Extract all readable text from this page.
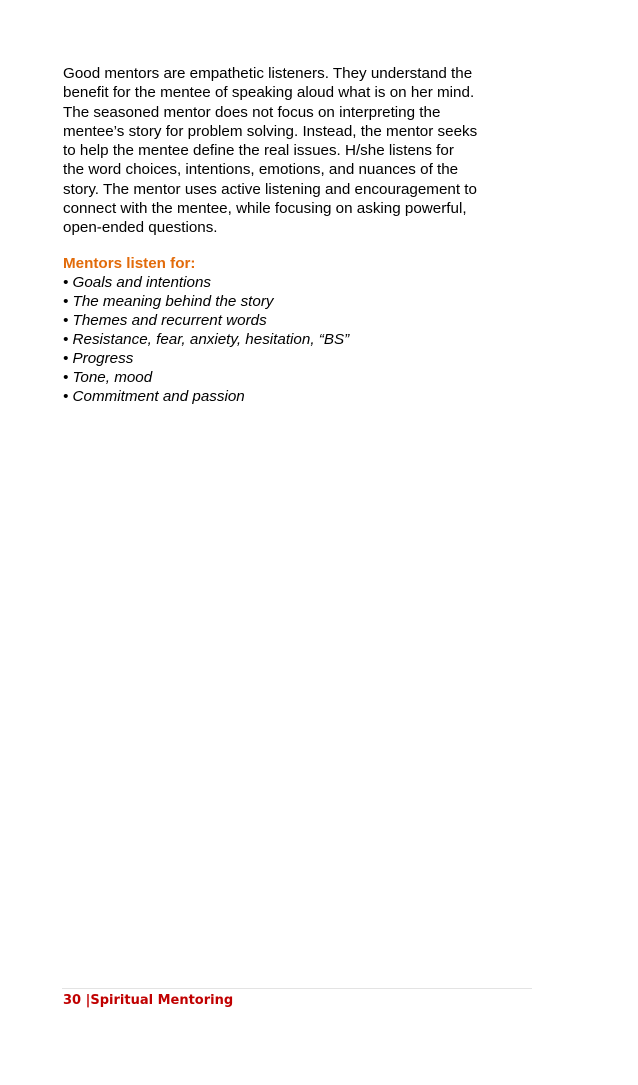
Good mentors are empathetic listeners. They understand the
benefit for the mentee of speaking aloud what is on her mind.
The seasoned mentor does not focus on interpreting the
mentee’s story for problem solving. Instead, the mentor seeks
to help the mentee define the real issues. H/she listens for
the word choices, intentions, emotions, and nuances of the
story. The mentor uses active listening and encouragement to
connect with the mentee, while focusing on asking powerful,
open-ended questions.

Mentors listen for:
• Goals and intentions
• The meaning behind the story
• Themes and recurrent words
• Resistance, fear, anxiety, hesitation, “BS”
• Progress
• Tone, mood
• Commitment and passion
30 |Spiritual Mentoring
